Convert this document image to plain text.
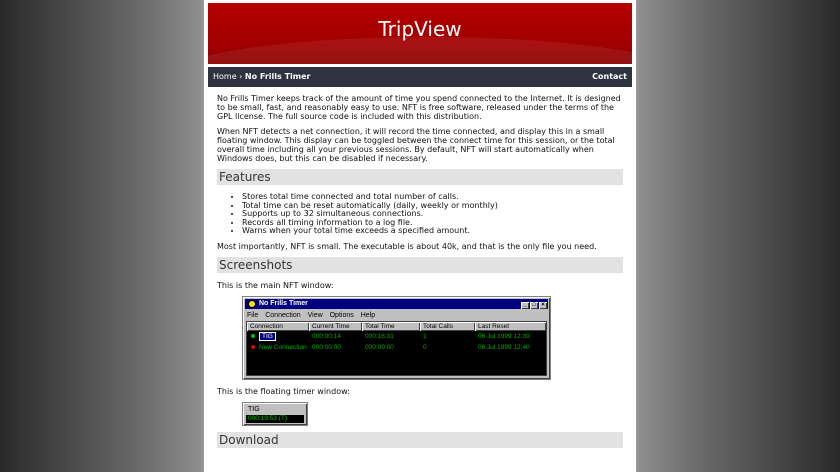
TripView
Home › No Frills Timer	Contact

No Frills Timer keeps track of the amount of time you spend connected to the Internet. It is designed to be small, fast, and reasonably easy to use. NFT is free software, released under the terms of the GPL license. The full source code is included with this distribution.

When NFT detects a net connection, it will record the time connected, and display this in a small floating window. This display can be toggled between the connect time for this session, or the total overall time including all your previous sessions. By default, NFT will start automatically when Windows does, but this can be disabled if necessary.

Features
• Stores total time connected and total number of calls.
• Total time can be reset automatically (daily, weekly or monthly)
• Supports up to 32 simultaneous connections.
• Records all timing information to a log file.
• Warns when your total time exceeds a specified amount.

Most importantly, NFT is small. The executable is about 40k, and that is the only file you need.

Screenshots

This is the main NFT window:

No Frills Timer	_ □ ×
File Connection View Options Help
Connection	Current Time	Total Time	Total Calls	Last Reset
TIG	000:00:14	000:16:31	1	06 Jul 1999 12:39
New Connection 000:00:00	000:00:00	0	06 Jul 1999 12:40

This is the floating timer window:

TIG
000:19:53 (T)
Download
